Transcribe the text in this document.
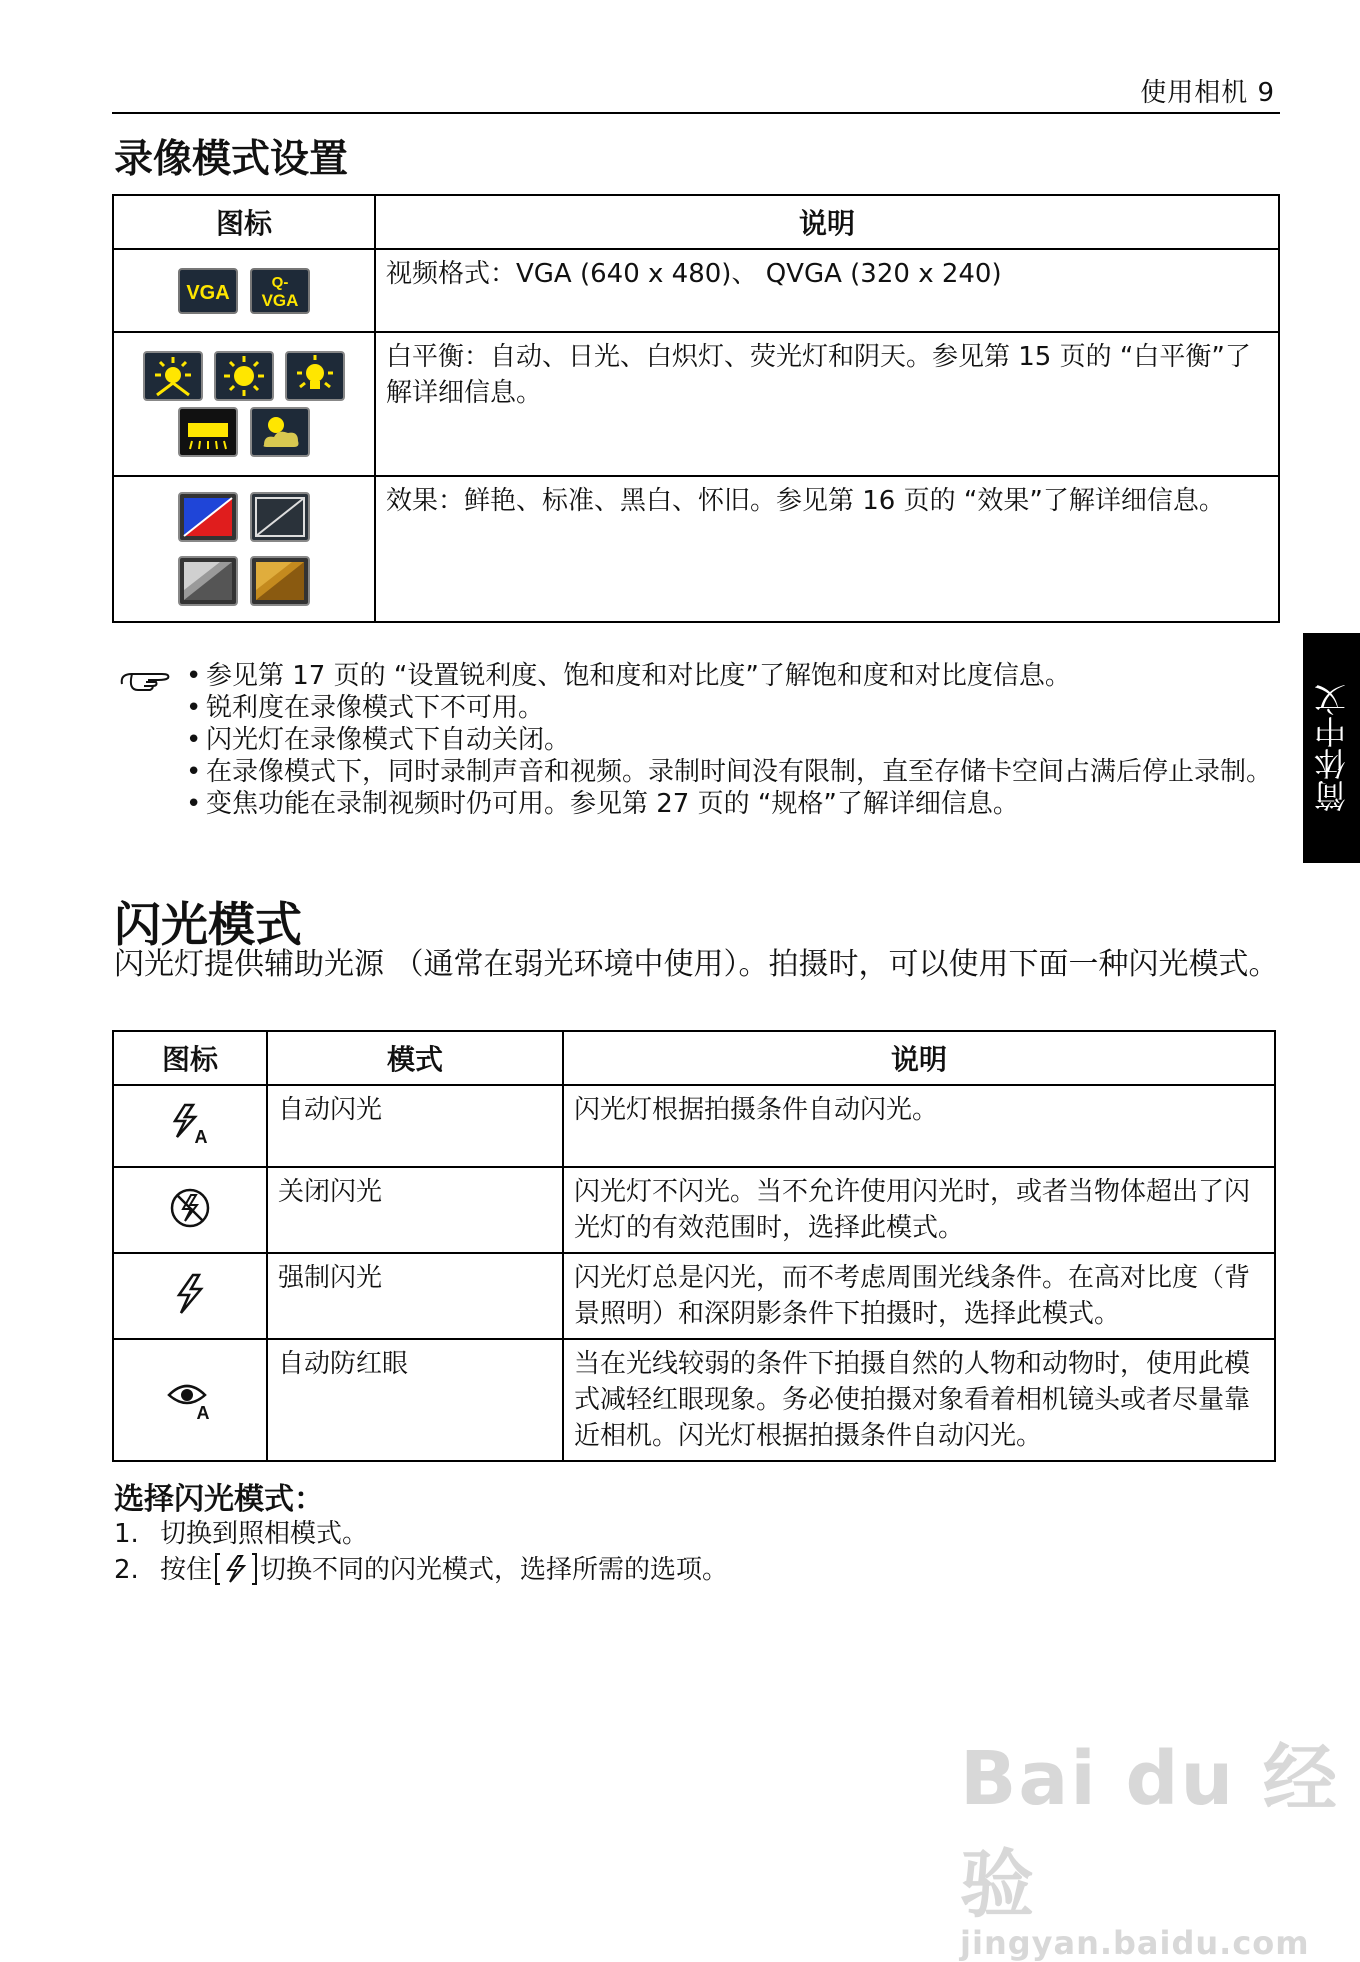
使用相机 9
简体中文
录像模式设置
图标	说明

VGA
Q-
VGA	视频格式：VGA (640 x 480)、 QVGA (320 x 240)

	白平衡：自动、日光、白炽灯、荧光灯和阴天。参见第 15 页的 “白平衡”了解详细信息。

	效果：鲜艳、标准、黑白、怀旧。参见第 16 页的 “效果”了解详细信息。
• 参见第 17 页的 “设置锐利度、饱和度和对比度”了解饱和度和对比度信息。
• 锐利度在录像模式下不可用。
• 闪光灯在录像模式下自动关闭。
• 在录像模式下，同时录制声音和视频。录制时间没有限制，直至存储卡空间占满后停止录制。
• 变焦功能在录制视频时仍可用。参见第 27 页的 “规格”了解详细信息。
闪光模式
闪光灯提供辅助光源 （通常在弱光环境中使用）。拍摄时，可以使用下面一种闪光模式。
图标	模式	说明

A	自动闪光	闪光灯根据拍摄条件自动闪光。
	关闭闪光	闪光灯不闪光。当不允许使用闪光时，或者当物体超出了闪光灯的有效范围时，选择此模式。
	强制闪光	闪光灯总是闪光，而不考虑周围光线条件。在高对比度（背景照明）和深阴影条件下拍摄时，选择此模式。

A	自动防红眼	当在光线较弱的条件下拍摄自然的人物和动物时，使用此模式减轻红眼现象。务必使拍摄对象看着相机镜头或者尽量靠近相机。闪光灯根据拍摄条件自动闪光。
选择闪光模式：
1. 切换到照相模式。
2. 按住 切换不同的闪光模式，选择所需的选项。
Bai du 经验
jingyan.baidu.com
